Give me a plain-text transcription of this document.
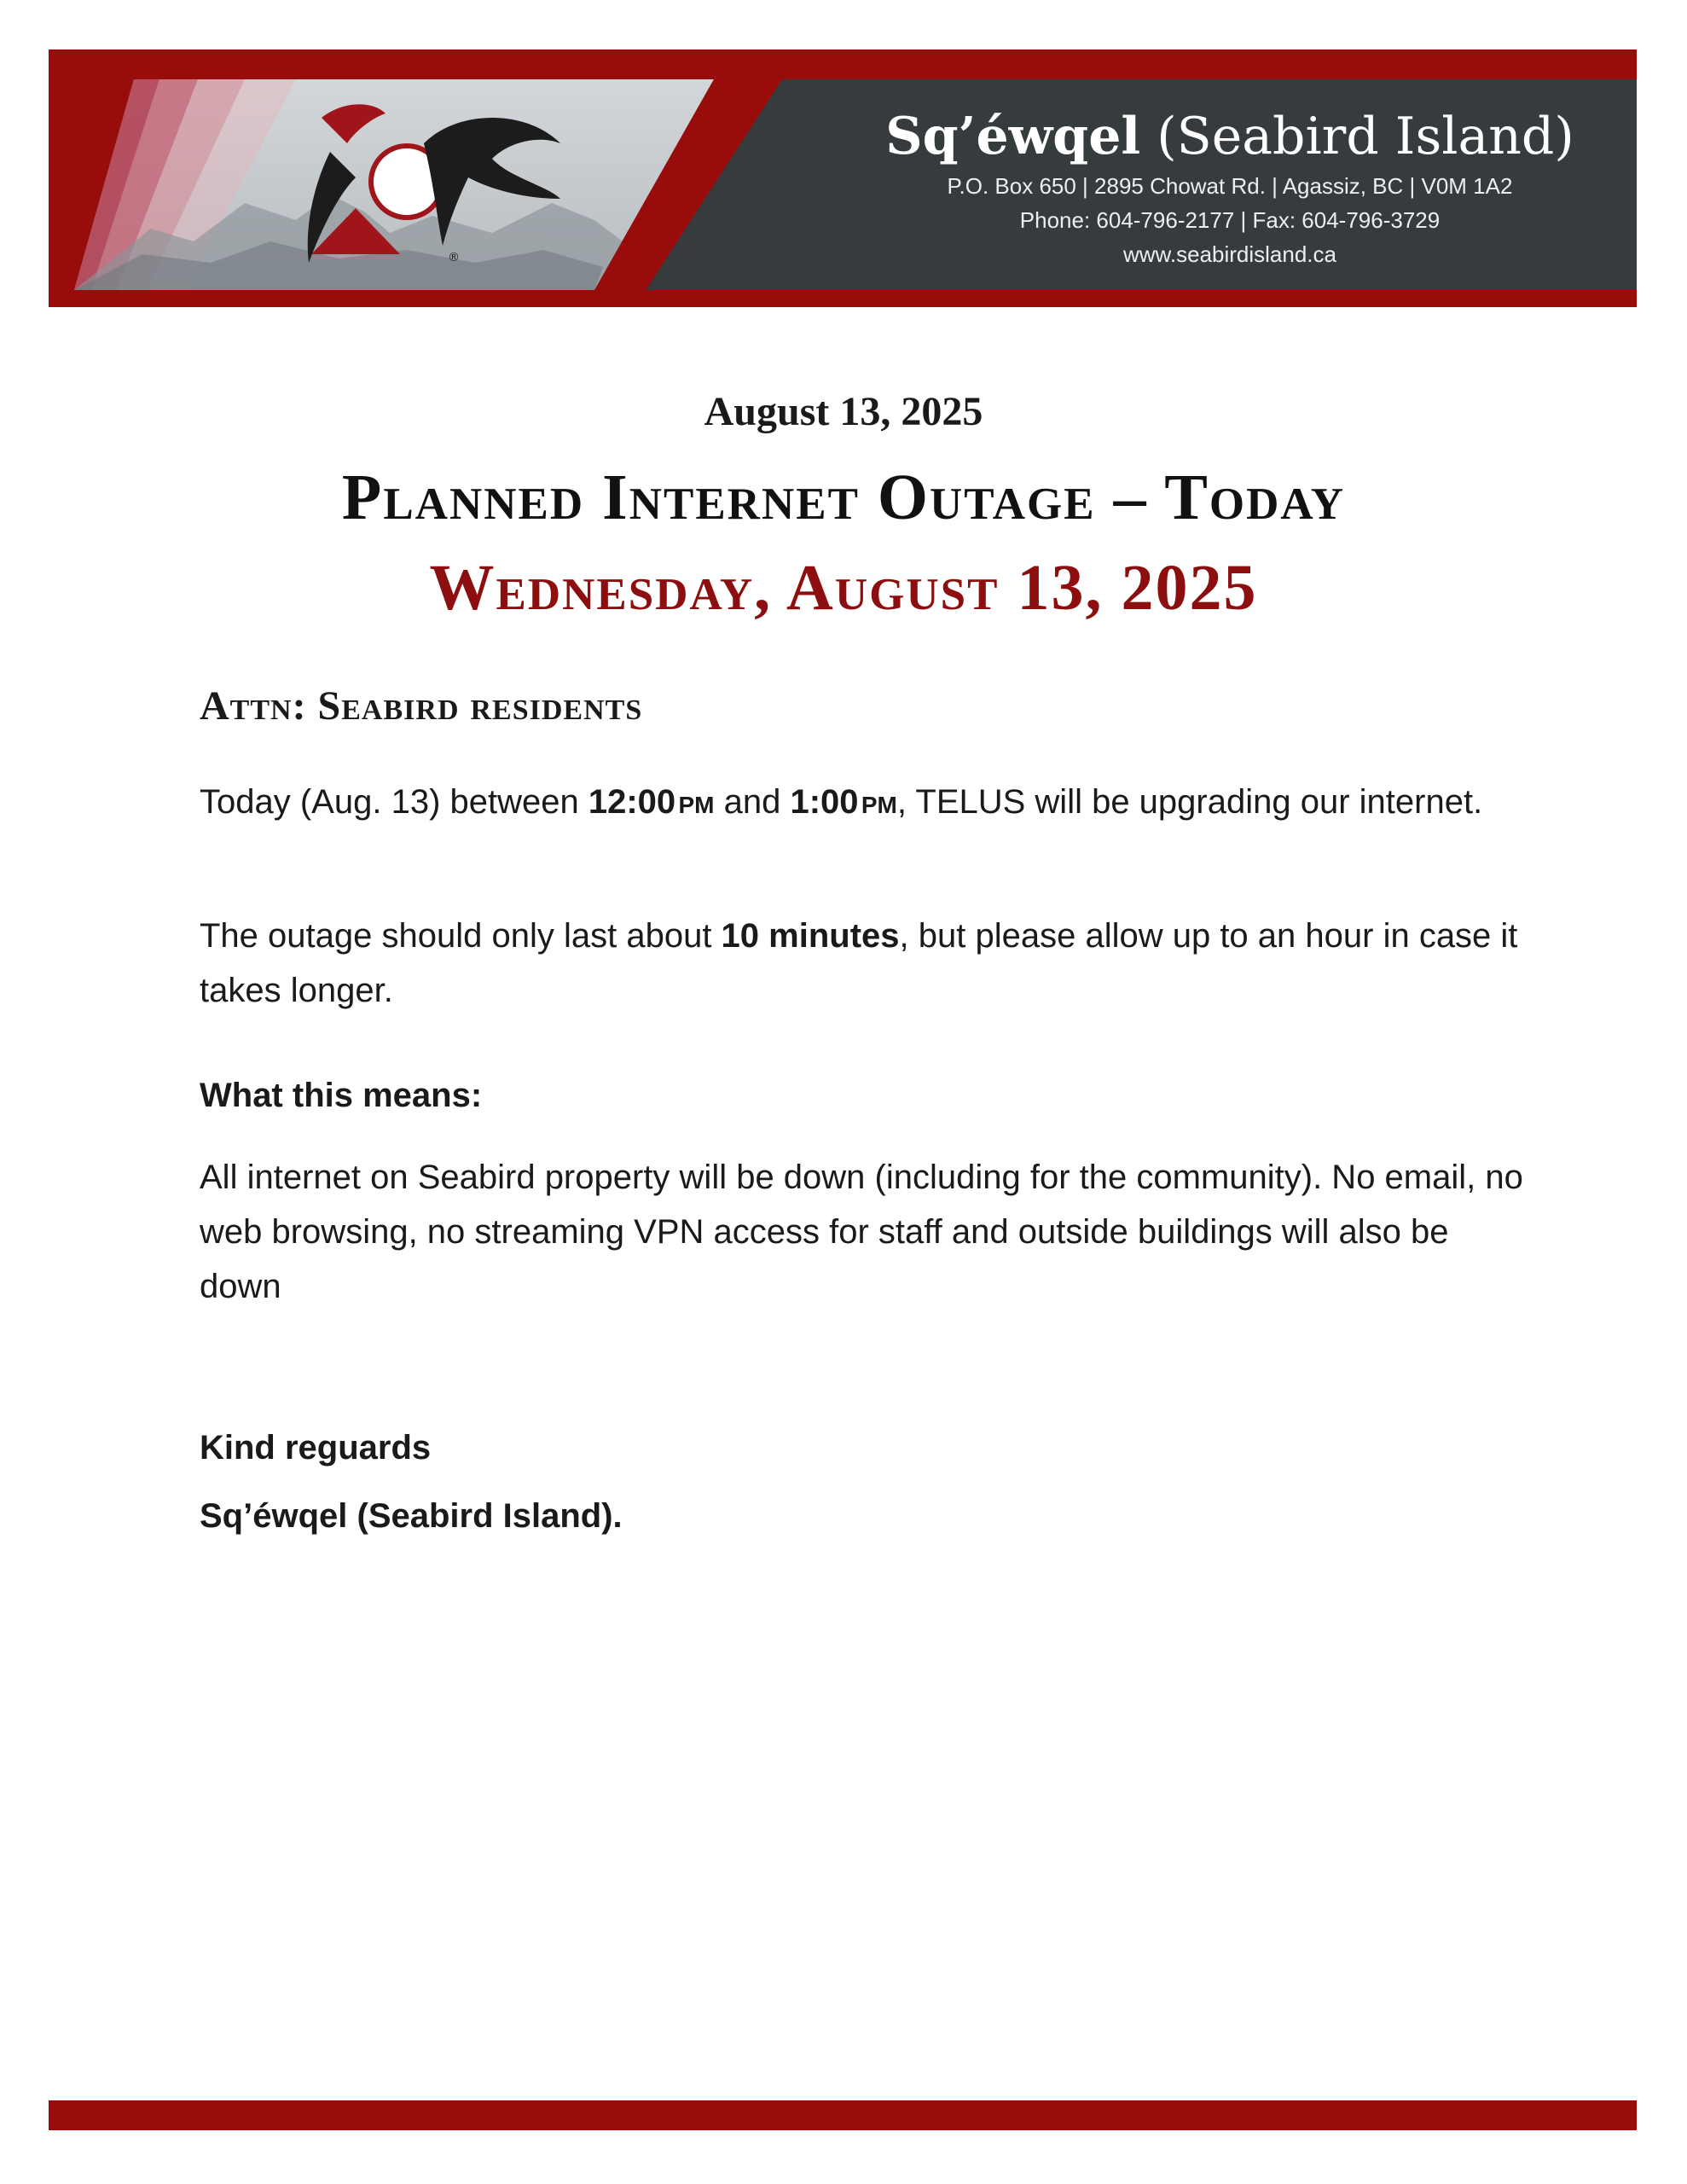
®
Sq’éwqel (Seabird Island)
P.O. Box 650 | 2895 Chowat Rd. | Agassiz, BC | V0M 1A2
Phone: 604-796-2177 | Fax: 604-796-3729
www.seabirdisland.ca
August 13, 2025
Planned Internet Outage – Today
Wednesday, August 13, 2025
Attn: Seabird residents
Today (Aug. 13) between 12:00 pm and 1:00 pm, TELUS will be upgrading our internet.
The outage should only last about 10 minutes, but please allow up to an hour in case it takes longer.
What this means:
All internet on Seabird property will be down (including for the community). No email, no web browsing, no streaming VPN access for staff and outside buildings will also be down
Kind reguards
Sq’éwqel (Seabird Island).
